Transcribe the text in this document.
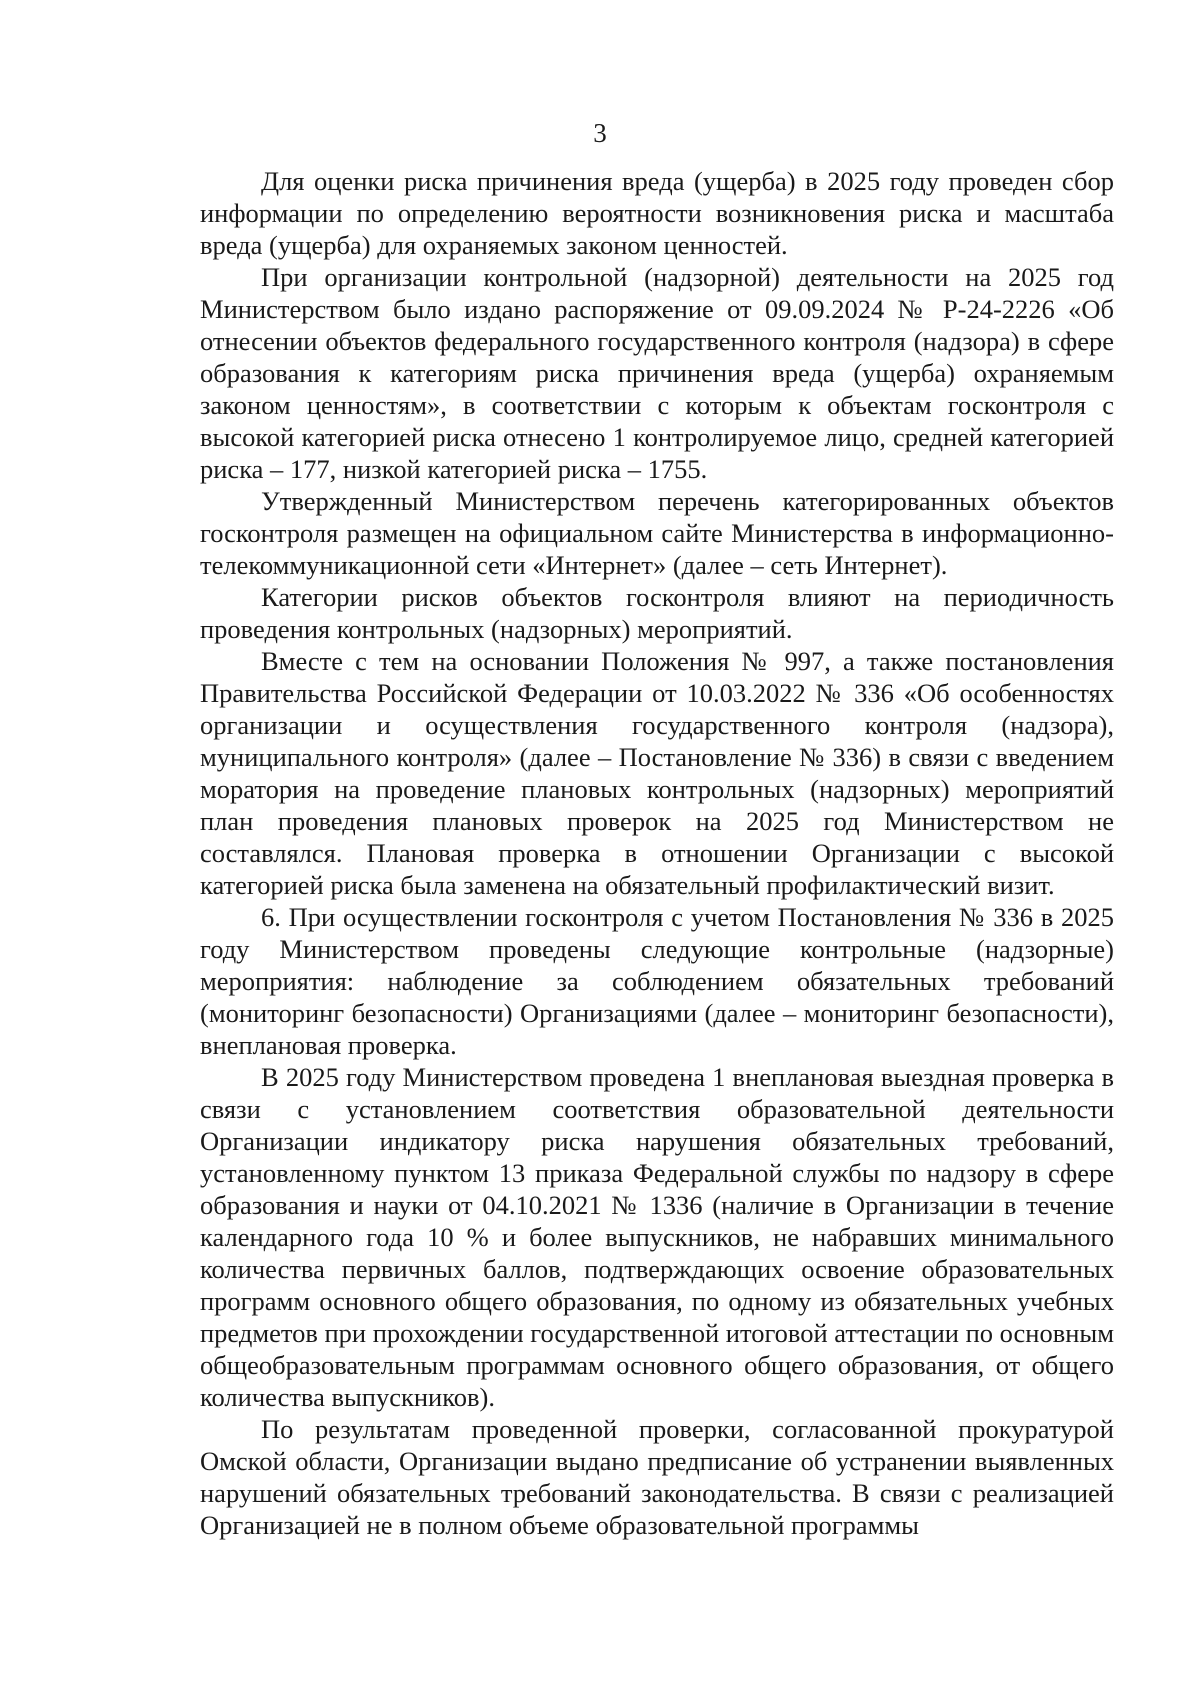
3

Для оценки риска причинения вреда (ущерба) в 2025 году проведен сбор информации по определению вероятности возникновения риска и масштаба вреда (ущерба) для охраняемых законом ценностей.

При организации контрольной (надзорной) деятельности на 2025 год Министерством было издано распоряжение от 09.09.2024 № Р-24-2226 «Об отнесении объектов федерального государственного контроля (надзора) в сфере образования к категориям риска причинения вреда (ущерба) охраняемым законом ценностям», в соответствии с которым к объектам госконтроля с высокой категорией риска отнесено 1 контролируемое лицо, средней категорией риска – 177, низкой категорией риска – 1755.

Утвержденный Министерством перечень категорированных объектов госконтроля размещен на официальном сайте Министерства в информационно-телекоммуникационной сети «Интернет» (далее – сеть Интернет).

Категории рисков объектов госконтроля влияют на периодичность проведения контрольных (надзорных) мероприятий.

Вместе с тем на основании Положения № 997, а также постановления Правительства Российской Федерации от 10.03.2022 № 336 «Об особенностях организации и осуществления государственного контроля (надзора), муниципального контроля» (далее – Постановление № 336) в связи с введением моратория на проведение плановых контрольных (надзорных) мероприятий план проведения плановых проверок на 2025 год Министерством не составлялся. Плановая проверка в отношении Организации с высокой категорией риска была заменена на обязательный профилактический визит.

6. При осуществлении госконтроля с учетом Постановления № 336 в 2025 году Министерством проведены следующие контрольные (надзорные) мероприятия: наблюдение за соблюдением обязательных требований (мониторинг безопасности) Организациями (далее – мониторинг безопасности), внеплановая проверка.

В 2025 году Министерством проведена 1 внеплановая выездная проверка в связи с установлением соответствия образовательной деятельности Организации индикатору риска нарушения обязательных требований, установленному пунктом 13 приказа Федеральной службы по надзору в сфере образования и науки от 04.10.2021 № 1336 (наличие в Организации в течение календарного года 10 % и более выпускников, не набравших минимального количества первичных баллов, подтверждающих освоение образовательных программ основного общего образования, по одному из обязательных учебных предметов при прохождении государственной итоговой аттестации по основным общеобразовательным программам основного общего образования, от общего количества выпускников).

По результатам проведенной проверки, согласованной прокуратурой Омской области, Организации выдано предписание об устранении выявленных нарушений обязательных требований законодательства. В связи с реализацией Организацией не в полном объеме образовательной программы
